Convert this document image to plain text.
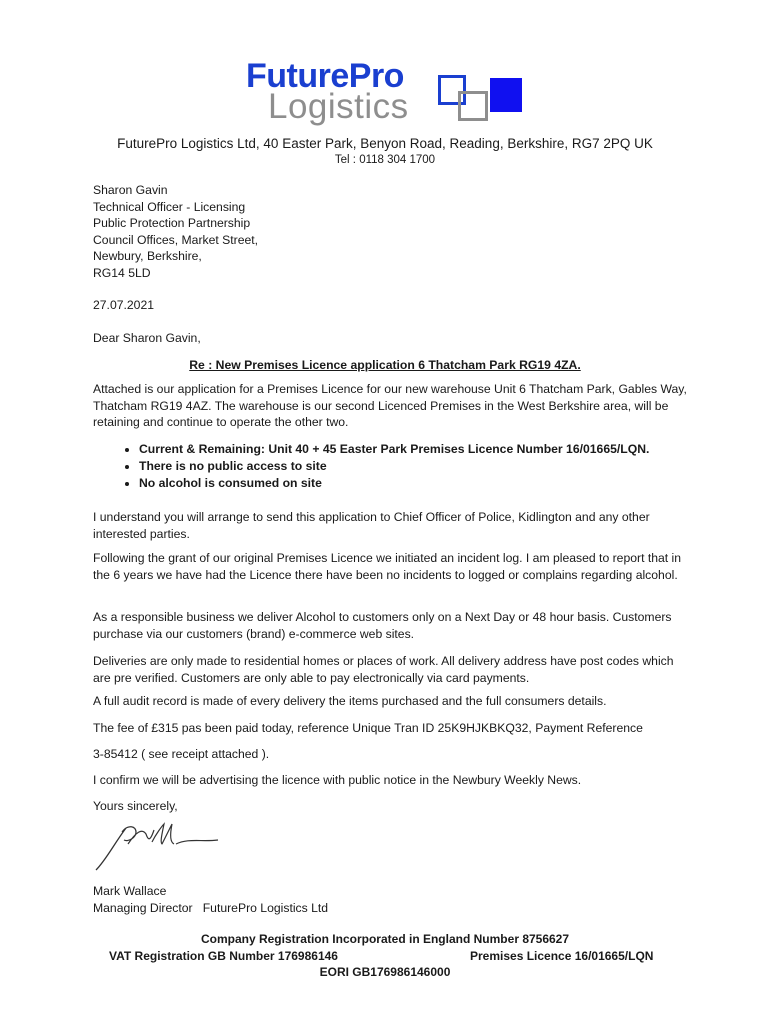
FuturePro
Logistics
FuturePro Logistics Ltd, 40 Easter Park, Benyon Road, Reading, Berkshire, RG7 2PQ UK
Tel : 0118 304 1700
Sharon Gavin
Technical Officer - Licensing
Public Protection Partnership
Council Offices, Market Street,
Newbury, Berkshire,
RG14 5LD
27.07.2021
Dear Sharon Gavin,
Re : New Premises Licence application 6 Thatcham Park RG19 4ZA.
Attached is our application for a Premises Licence for our new warehouse Unit 6 Thatcham Park, Gables Way, Thatcham RG19 4AZ. The warehouse is our second Licenced Premises in the West Berkshire area, will be retaining and continue to operate the other two.
• Current & Remaining: Unit 40 + 45 Easter Park Premises Licence Number 16/01665/LQN.
• There is no public access to site
• No alcohol is consumed on site
I understand you will arrange to send this application to Chief Officer of Police, Kidlington and any other interested parties.
Following the grant of our original Premises Licence we initiated an incident log. I am pleased to report that in the 6 years we have had the Licence there have been no incidents to logged or complains regarding alcohol.
As a responsible business we deliver Alcohol to customers only on a Next Day or 48 hour basis. Customers purchase via our customers (brand) e-commerce web sites.
Deliveries are only made to residential homes or places of work. All delivery address have post codes which are pre verified. Customers are only able to pay electronically via card payments.
A full audit record is made of every delivery the items purchased and the full consumers details.
The fee of £315 pas been paid today, reference Unique Tran ID 25K9HJKBKQ32, Payment Reference
3-85412 ( see receipt attached ).
I confirm we will be advertising the licence with public notice in the Newbury Weekly News.
Yours sincerely,
Mark Wallace
Managing Director   FuturePro Logistics Ltd
Company Registration Incorporated in England Number 8756627
VAT Registration GB Number 176986146	Premises Licence 16/01665/LQN
EORI GB176986146000
